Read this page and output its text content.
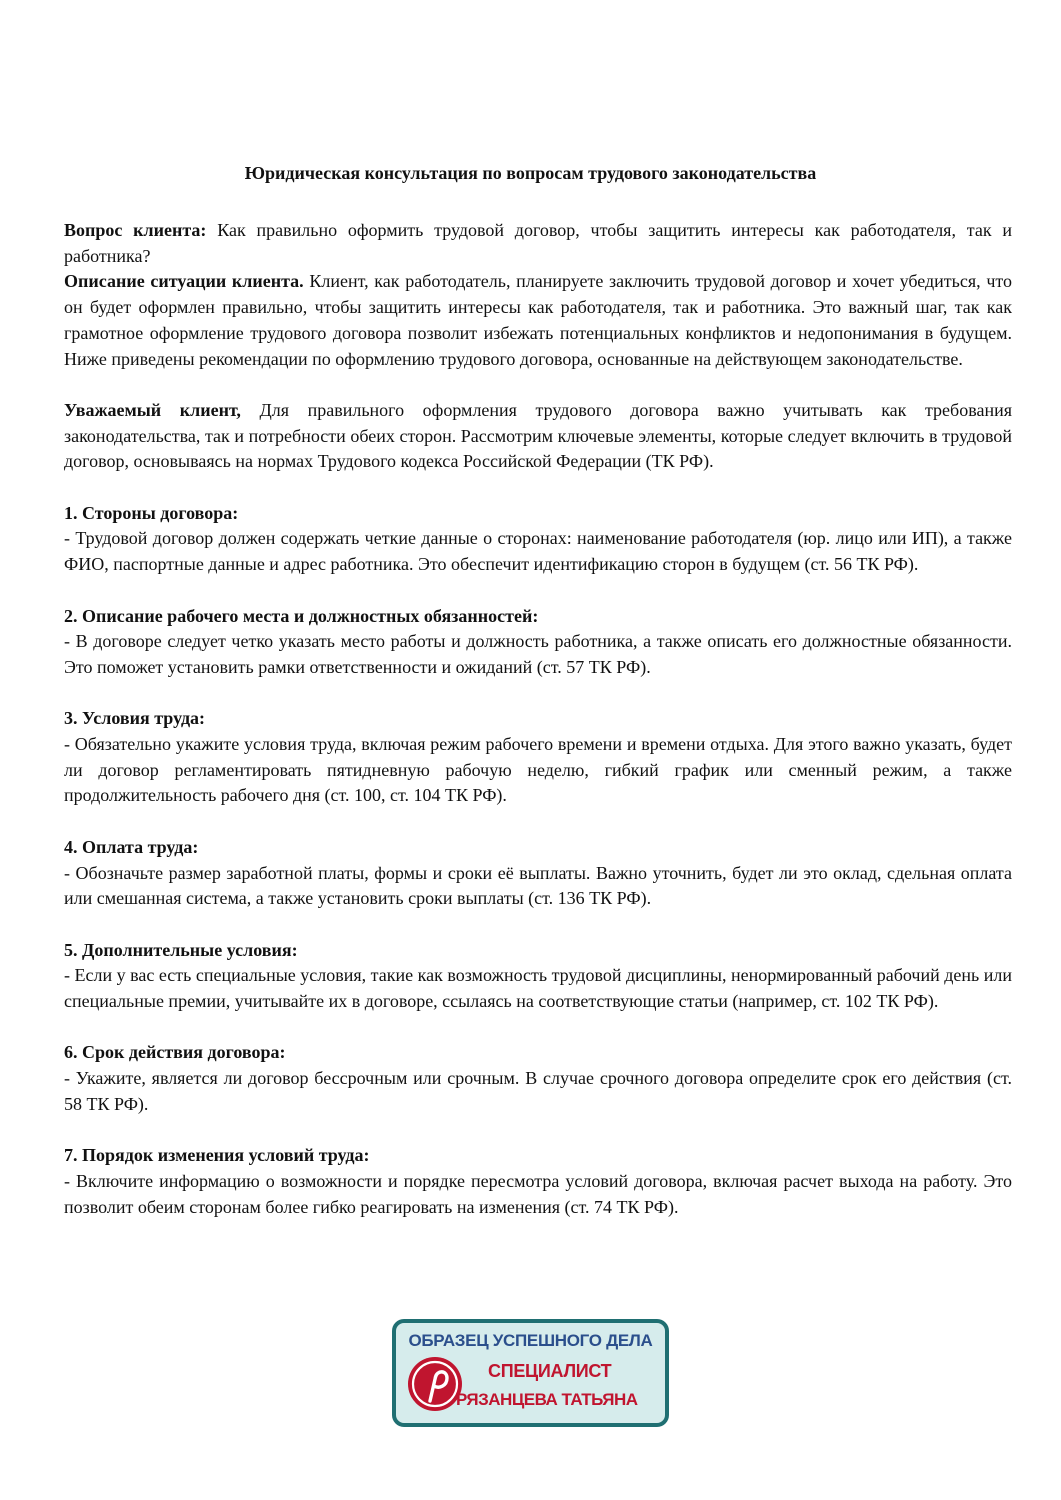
Юридическая консультация по вопросам трудового законодательства

Вопрос клиента: Как правильно оформить трудовой договор, чтобы защитить интересы как работодателя, так и работника?

Описание ситуации клиента. Клиент, как работодатель, планируете заключить трудовой договор и хочет убедиться, что он будет оформлен правильно, чтобы защитить интересы как работодателя, так и работника. Это важный шаг, так как грамотное оформление трудового договора позволит избежать потенциальных конфликтов и недопонимания в будущем. Ниже приведены рекомендации по оформлению трудового договора, основанные на действующем законодательстве.

Уважаемый клиент, Для правильного оформления трудового договора важно учитывать как требования законодательства, так и потребности обеих сторон. Рассмотрим ключевые элементы, которые следует включить в трудовой договор, основываясь на нормах Трудового кодекса Российской Федерации (ТК РФ).

1. Стороны договора:

- Трудовой договор должен содержать четкие данные о сторонах: наименование работодателя (юр. лицо или ИП), а также ФИО, паспортные данные и адрес работника. Это обеспечит идентификацию сторон в будущем (ст. 56 ТК РФ).

2. Описание рабочего места и должностных обязанностей:

- В договоре следует четко указать место работы и должность работника, а также описать его должностные обязанности. Это поможет установить рамки ответственности и ожиданий (ст. 57 ТК РФ).

3. Условия труда:

- Обязательно укажите условия труда, включая режим рабочего времени и времени отдыха. Для этого важно указать, будет ли договор регламентировать пятидневную рабочую неделю, гибкий график или сменный режим, а также продолжительность рабочего дня (ст. 100, ст. 104 ТК РФ).

4. Оплата труда:

- Обозначьте размер заработной платы, формы и сроки её выплаты. Важно уточнить, будет ли это оклад, сдельная оплата или смешанная система, а также установить сроки выплаты (ст. 136 ТК РФ).

5. Дополнительные условия:

- Если у вас есть специальные условия, такие как возможность трудовой дисциплины, ненормированный рабочий день или специальные премии, учитывайте их в договоре, ссылаясь на соответствующие статьи (например, ст. 102 ТК РФ).

6. Срок действия договора:

- Укажите, является ли договор бессрочным или срочным. В случае срочного договора определите срок его действия (ст. 58 ТК РФ).

7. Порядок изменения условий труда:

- Включите информацию о возможности и порядке пересмотра условий договора, включая расчет выхода на работу. Это позволит обеим сторонам более гибко реагировать на изменения (ст. 74 ТК РФ).

ОБРАЗЕЦ УСПЕШНОГО ДЕЛА
СПЕЦИАЛИСТ
РЯЗАНЦЕВА ТАТЬЯНА
